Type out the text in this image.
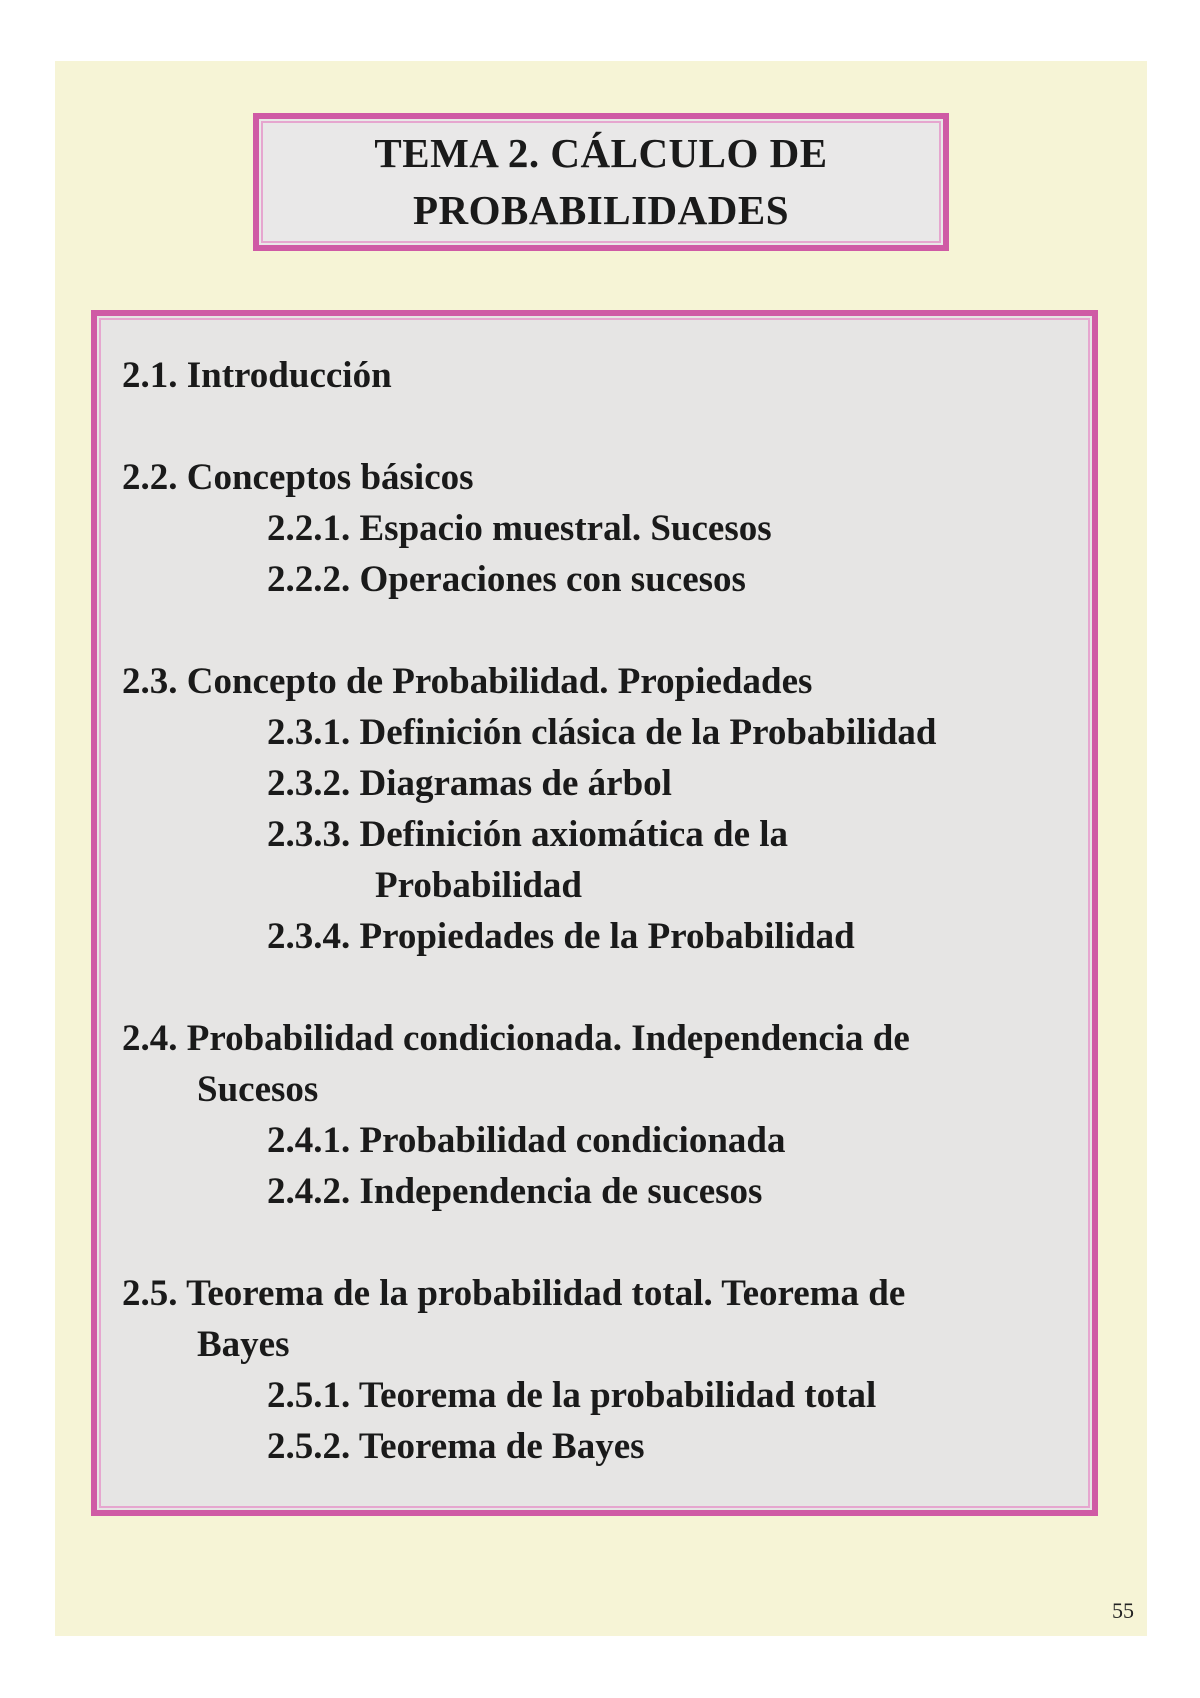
TEMA 2. CÁLCULO DE
PROBABILIDADES
2.1. Introducción
2.2. Conceptos básicos
2.2.1. Espacio muestral. Sucesos
2.2.2. Operaciones con sucesos
2.3. Concepto de Probabilidad. Propiedades
2.3.1. Definición clásica de la Probabilidad
2.3.2. Diagramas de árbol
2.3.3. Definición axiomática de la
Probabilidad
2.3.4. Propiedades de la Probabilidad
2.4. Probabilidad condicionada. Independencia de
Sucesos
2.4.1. Probabilidad condicionada
2.4.2. Independencia de sucesos
2.5. Teorema de la probabilidad total. Teorema de
Bayes
2.5.1. Teorema de la probabilidad total
2.5.2. Teorema de Bayes
55
